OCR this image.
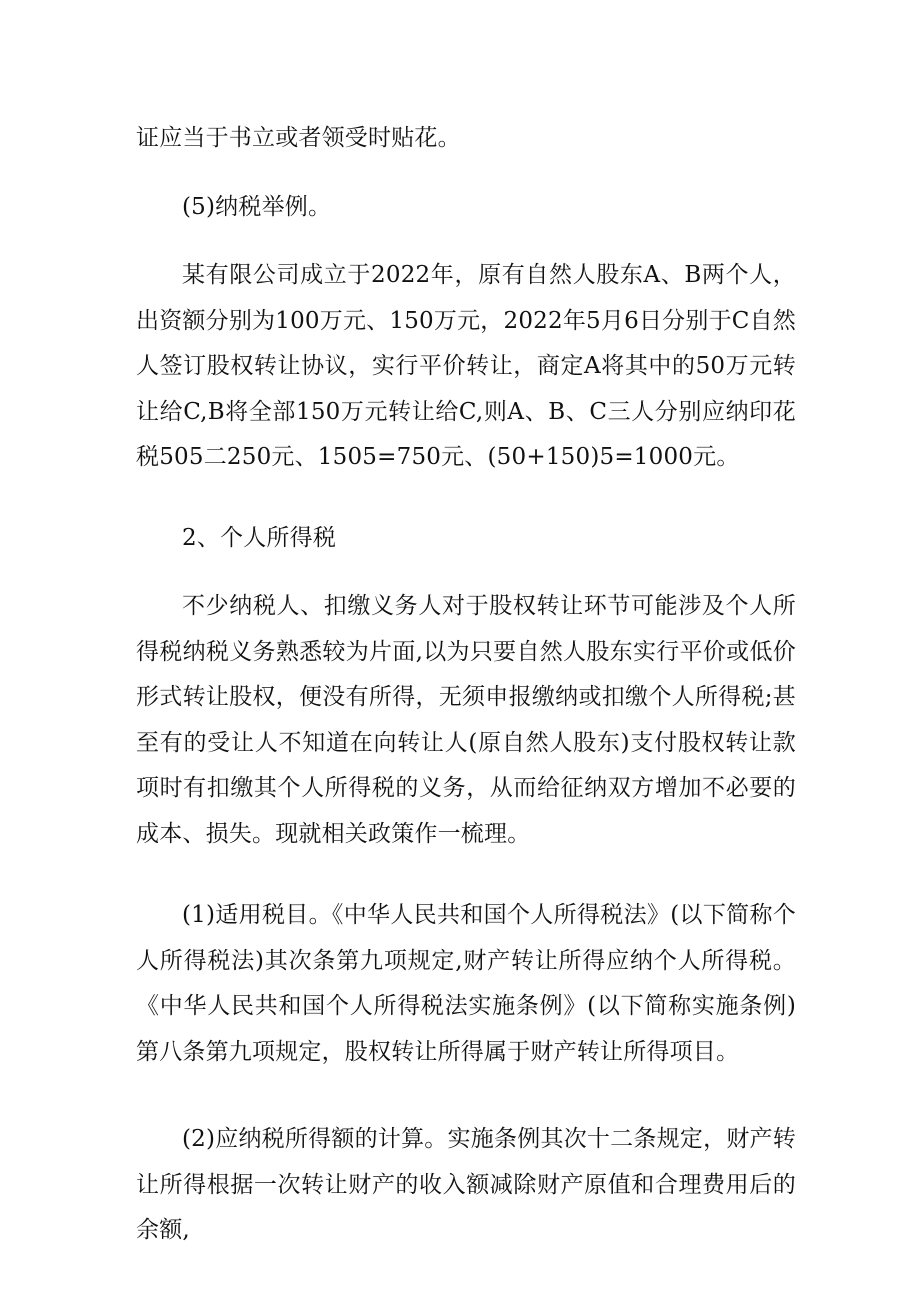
证应当于书立或者领受时贴花。

(5)纳税举例。

某有限公司成立于2022年，原有自然人股东A、B两个人，出资额分别为100万元、150万元，2022年5月6日分别于C自然人签订股权转让协议，实行平价转让，商定A将其中的50万元转让给C,B将全部150万元转让给C,则A、B、C三人分别应纳印花税505二250元、1505=750元、(50+150)5=1000元。

2、个人所得税

不少纳税人、扣缴义务人对于股权转让环节可能涉及个人所得税纳税义务熟悉较为片面,以为只要自然人股东实行平价或低价形式转让股权，便没有所得，无须申报缴纳或扣缴个人所得税;甚至有的受让人不知道在向转让人(原自然人股东)支付股权转让款项时有扣缴其个人所得税的义务，从而给征纳双方增加不必要的成本、损失。现就相关政策作一梳理。

(1)适用税目。《中华人民共和国个人所得税法》(以下简称个人所得税法)其次条第九项规定,财产转让所得应纳个人所得税。《中华人民共和国个人所得税法实施条例》(以下简称实施条例)第八条第九项规定，股权转让所得属于财产转让所得项目。

(2)应纳税所得额的计算。实施条例其次十二条规定，财产转让所得根据一次转让财产的收入额减除财产原值和合理费用后的余额,
